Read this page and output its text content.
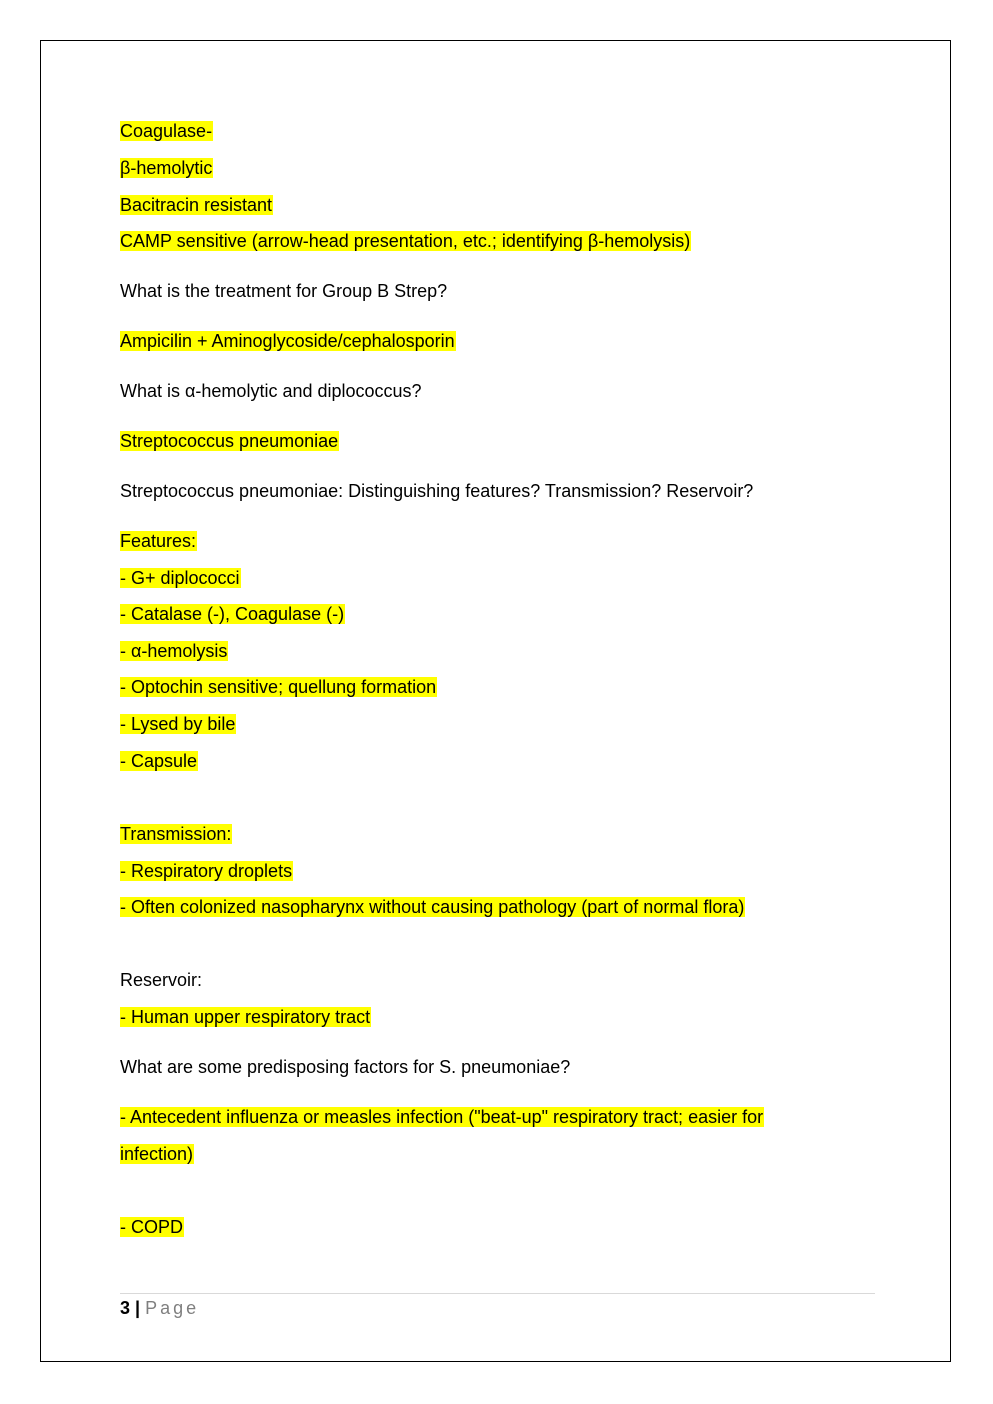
Coagulase-
β-hemolytic
Bacitracin resistant
CAMP sensitive (arrow-head presentation, etc.; identifying β-hemolysis)
What is the treatment for Group B Strep?
Ampicilin + Aminoglycoside/cephalosporin
What is α-hemolytic and diplococcus?
Streptococcus pneumoniae
Streptococcus pneumoniae: Distinguishing features? Transmission? Reservoir?
Features:
- G+ diplococci
- Catalase (-), Coagulase (-)
- α-hemolysis
- Optochin sensitive; quellung formation
- Lysed by bile
- Capsule
Transmission:
- Respiratory droplets
- Often colonized nasopharynx without causing pathology (part of normal flora)
Reservoir:
- Human upper respiratory tract
What are some predisposing factors for S. pneumoniae?
- Antecedent influenza or measles infection ("beat-up" respiratory tract; easier for
infection)
- COPD
3 | Page
